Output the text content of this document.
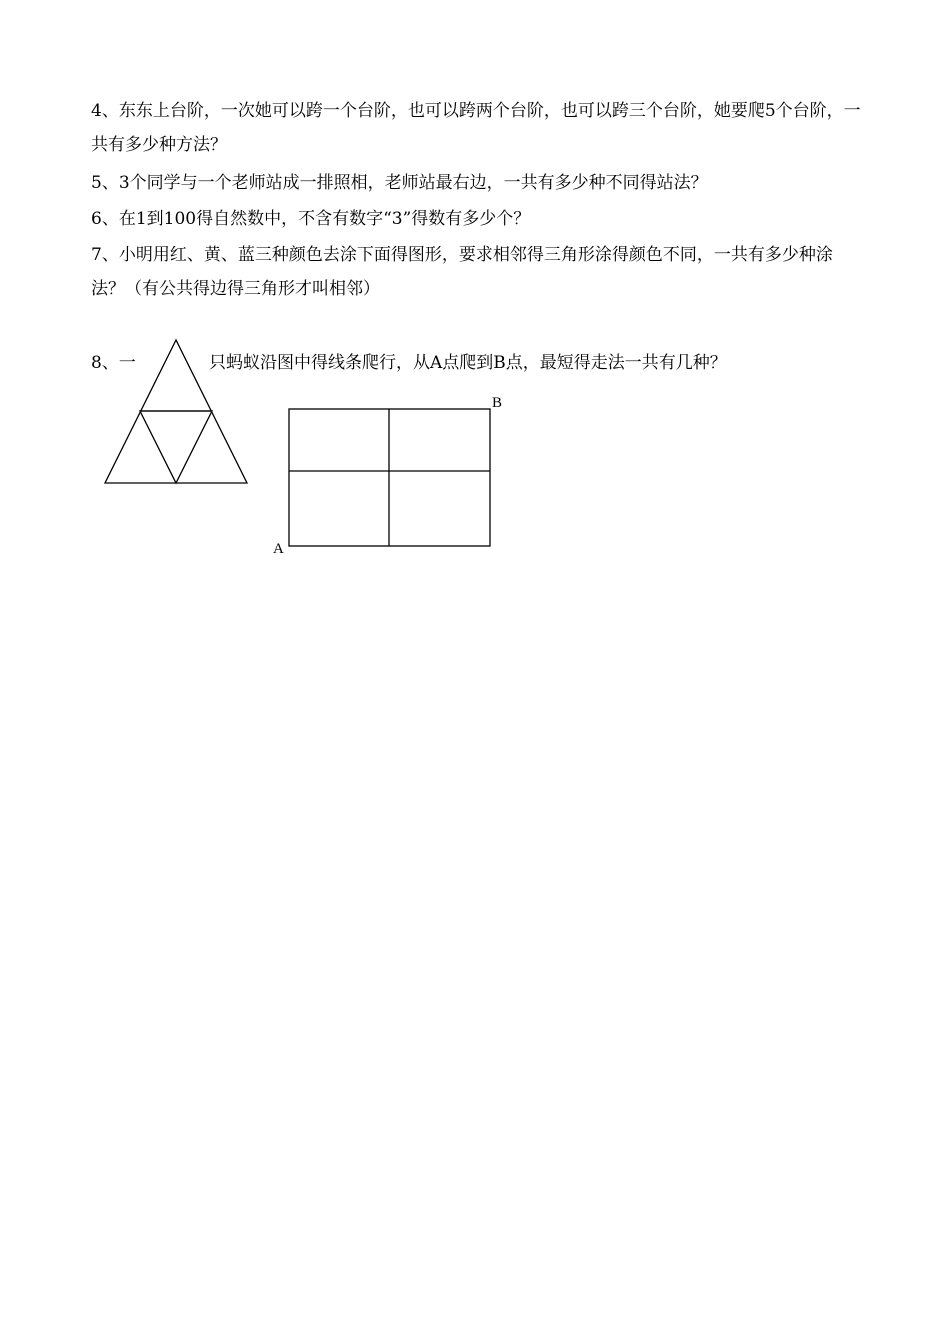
4、东东上台阶，一次她可以跨一个台阶，也可以跨两个台阶，也可以跨三个台阶，她要爬5个台阶，一共有多少种方法？

5、3个同学与一个老师站成一排照相，老师站最右边，一共有多少种不同得站法？

6、在1到100得自然数中，不含有数字“3”得数有多少个？

7、小明用红、黄、蓝三种颜色去涂下面得图形，要求相邻得三角形涂得颜色不同，一共有多少种涂法？（有公共得边得三角形才叫相邻）

8、一	只蚂蚁沿图中得线条爬行，从A点爬到B点，最短得走法一共有几种？
A
B
